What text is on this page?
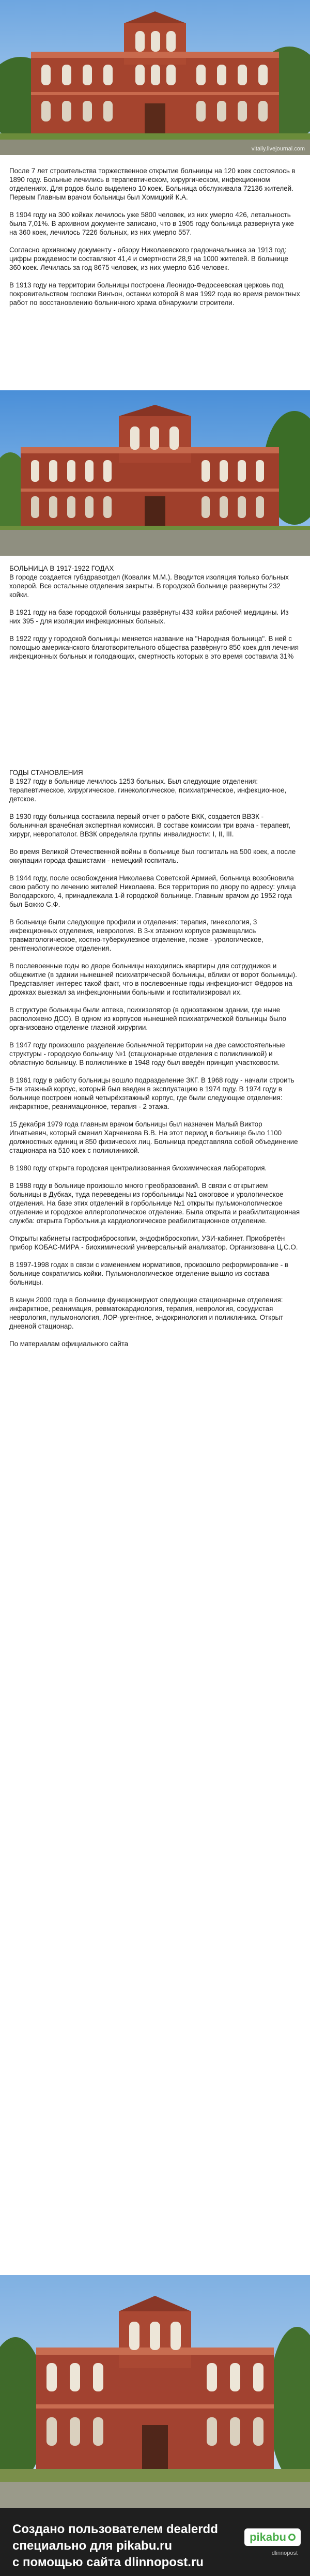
vitaliy.livejournal.com

После 7 лет строительства торжественное открытие больницы на 120 коек состоялось в 1890 году. Больные лечились в терапевтическом, хирургическом, инфекционном отделениях. Для родов было выделено 10 коек. Больница обслуживала 72136 жителей. Первым Главным врачом больницы был Хомицкий К.А.

В 1904 году на 300 койках лечилось уже 5800 человек, из них умерло 426, летальность была 7,01%. В архивном документе записано, что в 1905 году больница развернута уже на 360 коек, лечилось 7226 больных, из них умерло 557.

Согласно архивному документу - обзору Николаевского градоначальника за 1913 год: цифры рождаемости составляют 41,4 и смертности 28,9 на 1000 жителей. В больнице 360 коек. Лечилась за год 8675 человек, из них умерло 616 человек.

В 1913 году на территории больницы построена Леонидо-Федосеевская церковь под покровительством госпожи Винъон, останки которой 8 мая 1992 года во время ремонтных работ по восстановлению больничного храма обнаружили строители.

БОЛЬНИЦА В 1917-1922 ГОДАХ

В городе создается губздравотдел (Ковалик М.М.). Вводится изоляция только больных холерой. Все остальные отделения закрыты. В городской больнице развернуты 232 койки.

В 1921 году на базе городской больницы развёрнуты 433 койки рабочей медицины. Из них 395 - для изоляции инфекционных больных.

В 1922 году у городской больницы меняется название на "Народная больница". В ней с помощью американского благотворительного общества развёрнуто 850 коек для лечения инфекционных больных и голодающих, смертность которых в это время составила 31%

ГОДЫ СТАНОВЛЕНИЯ

В 1927 году в больнице лечилось 1253 больных. Был следующие отделения: терапевтическое, хирургическое, гинекологическое, психиатрическое, инфекционное, детское.

В 1930 году больница составила первый отчет о работе ВКК, создается ВВЗК - больничная врачебная экспертная комиссия. В составе комиссии три врача - терапевт, хирург, невропатолог. ВВЗК определяла группы инвалидности: I, II, III.

Во время Великой Отечественной войны в больнице был госпиталь на 500 коек, а после оккупации города фашистами - немецкий госпиталь.

В 1944 году, после освобождения Николаева Советской Армией, больница возобновила свою работу по лечению жителей Николаева. Вся территория по двору по адресу: улица Володарского, 4, принадлежала 1-й городской больнице. Главным врачом до 1952 года был Божко С.Ф.

В больнице были следующие профили и отделения: терапия, гинекология, 3 инфекционных отделения, неврология. В 3-х этажном корпусе размещались травматологическое, костно-туберкулезное отделение, позже - урологическое, рентгенологическое отделения.

В послевоенные годы во дворе больницы находились квартиры для сотрудников и общежитие (в здании нынешней психиатрической больницы, вблизи от ворот больницы). Представляет интерес такой факт, что в послевоенные годы инфекционист Фёдоров на дрожках выезжал за инфекционными больными и госпитализировал их.

В структуре больницы были аптека, психизолятор (в одноэтажном здании, где ныне расположено ДСО). В одном из корпусов нынешней психиатрической больницы было организовано отделение глазной хирургии.

В 1947 году произошло разделение больничной территории на две самостоятельные структуры - городскую больницу №1 (стационарные отделения с поликлиникой) и областную больницу. В поликлинике в 1948 году был введён принцип участковости.

В 1961 году в работу больницы вошло подразделение ЗКГ. В 1968 году - начали строить 5-ти этажный корпус, который был введен в эксплуатацию в 1974 году. В 1974 году в больнице построен новый четырёхэтажный корпус, где были следующие отделения: инфарктное, реанимационное, терапия - 2 этажа.

15 декабря 1979 года главным врачом больницы был назначен Малый Виктор Игнатьевич, который сменил Харченкова В.В. На этот период в больнице было 1100 должностных единиц и 850 физических лиц. Больница представляла собой объединение стационара на 510 коек с поликлиникой.

В 1980 году открыта городская централизованная биохимическая лаборатория.

В 1988 году в больнице произошло много преобразований. В связи с открытием больницы в Дубках, туда переведены из горбольницы №1 ожоговое и урологическое отделения. На базе этих отделений в горбольнице №1 открыты пульмонологическое отделение и городское аллергологическое отделение. Была открыта и реабилитационная служба: открыта Горбольница кардиологическое реабилитационное отделение.

Открыты кабинеты гастрофиброскопии, эндофиброскопии, УЗИ-кабинет. Приобретён прибор КОБАС-МИРА - биохимический универсальный анализатор. Организована Ц.С.О.

В 1997-1998 годах в связи с изменением нормативов, произошло реформирование - в больнице сократились койки. Пульмонологическое отделение вышло из состава больницы.

В канун 2000 года в больнице функционируют следующие стационарные отделения: инфарктное, реанимация, ревматокардиология, терапия, неврология, сосудистая неврология, пульмонология, ЛОР-ургентное, эндокринология и поликлиника. Открыт дневной стационар.

По материалам официального сайта

Создано пользователем dealerdd
специально для pikabu.ru
с помощью сайта dlinnopost.ru
pikabu
dlinnopost
